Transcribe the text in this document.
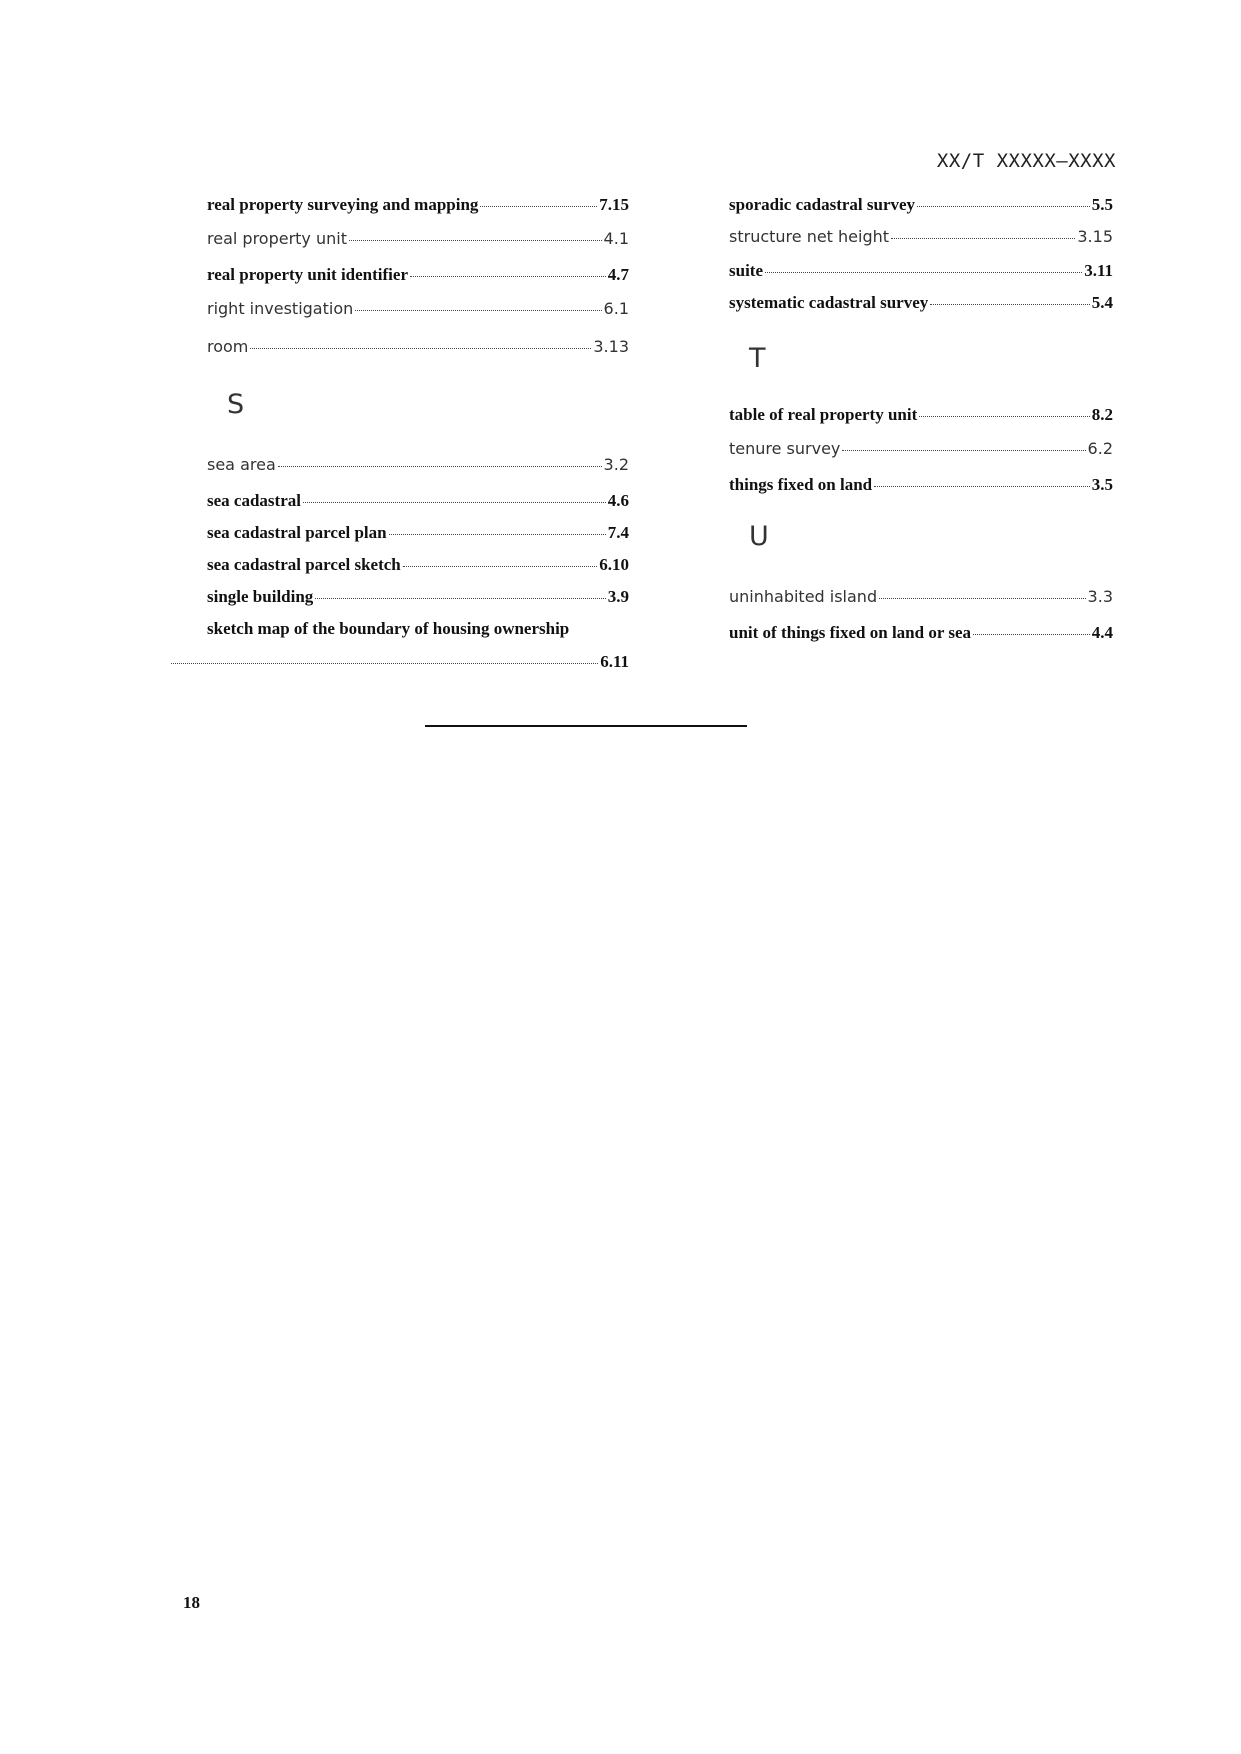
XX/T XXXXX—XXXX
real property surveying and mapping	7.15
real property unit	4.1
real property unit identifier	4.7
right investigation	6.1
room	3.13
S
sea area	3.2
sea cadastral	4.6
sea cadastral parcel plan	7.4
sea cadastral parcel sketch	6.10
single building	3.9
sketch map of the boundary of housing ownership
6.11
sporadic cadastral survey	5.5
structure net height	3.15
suite	3.11
systematic cadastral survey	5.4
T
table of real property unit	8.2
tenure survey	6.2
things fixed on land	3.5
U
uninhabited island	3.3
unit of things fixed on land or sea	4.4
18
